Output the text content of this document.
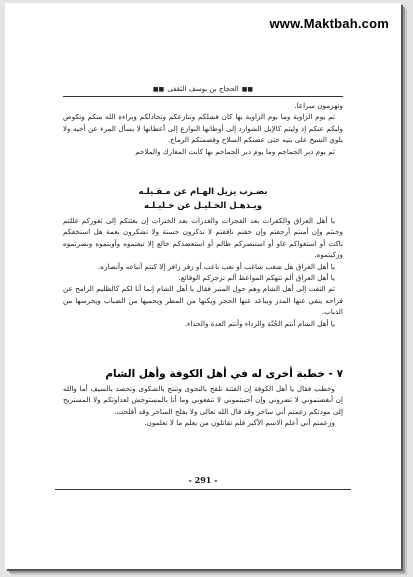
www.Maktbah.com
■■الحجاج بن يوسف الثقفى■■

وتهزمون سراعا.

ثم يوم الزاوية وما يوم الزاوية بها كان فشلكم وتنازعكم وتخاذلكم وبراءة الله منكم ونكوص وليكم عنكم إذ وليتم كالإبل الشوارد إلى أوطانها النوازع إلى أعطانها لا يسأل المرء عن أخيه ولا يلوي الشيخ على بنيه حتى عضتكم السلاح وقصمتكم الرماح.

ثم يوم دير الجماجم وما يوم دير الجماجم بها كانت المعارك والملاحم

بضـرب يزيل الهـام عن مـقـيلـه
ويـذهـل الخـليـل عن خـليـلـه

يا أهل العراق والكفرات بعد الفجرات والغدرات بعد الخترات إن بعثتكم إلى ثغوركم غللتم وخنتم وإن أمنتم أرجفتم وإن خفتم نافقتم لا تذكرون حسنة ولا تشكرون نعمة هل استخفكم ناكث أو استغواكم غاو أو استنصركم ظالم أو استعضدكم خالع إلا تبعتموه وآويتموه ونصرتموه وزكيتموه.

يا أهل العراق هل شغب شاغب أو نعب ناعب أو زفر زافر إلا كنتم أتباعه وأنصاره.

يا أهل العراق ألم تنهكم المواعظ ألم تزجركم الوقائع.

ثم التفت إلى أهل الشام وهم حول المنبر فقال يا أهل الشام إنما أنا لكم كالظليم الرامح عن فراخه ينفي عنها المدر ويباعد عنها الحجر ويكنها من المطر ويحميها من الضباب ويحرسها من الذباب.

يا أهل الشام أنتم الجُنّة والرداء وأنتم العدة والحذاء.

٧ - خطبة أخرى له في أهل الكوفة وأهل الشام

وخطب فقال يا أهل الكوفة إن الفتنة تلقح بالنجوى وتنتج بالشكوى وتحصد بالسيف أما والله إن أبغضتموني لا تضروني وإن أحببتموني لا تنفعوني وما أنا بالمستوحش لعداوتكم ولا المستريح إلى مودتكم زعمتم أني ساحر وقد قال الله تعالى ولا يفلح الساحر وقد أفلحت.

وزعمتم أني أعلم الاسم الأكبر فلم تقاتلون من يعلم ما لا تعلمون.

- 291 -
